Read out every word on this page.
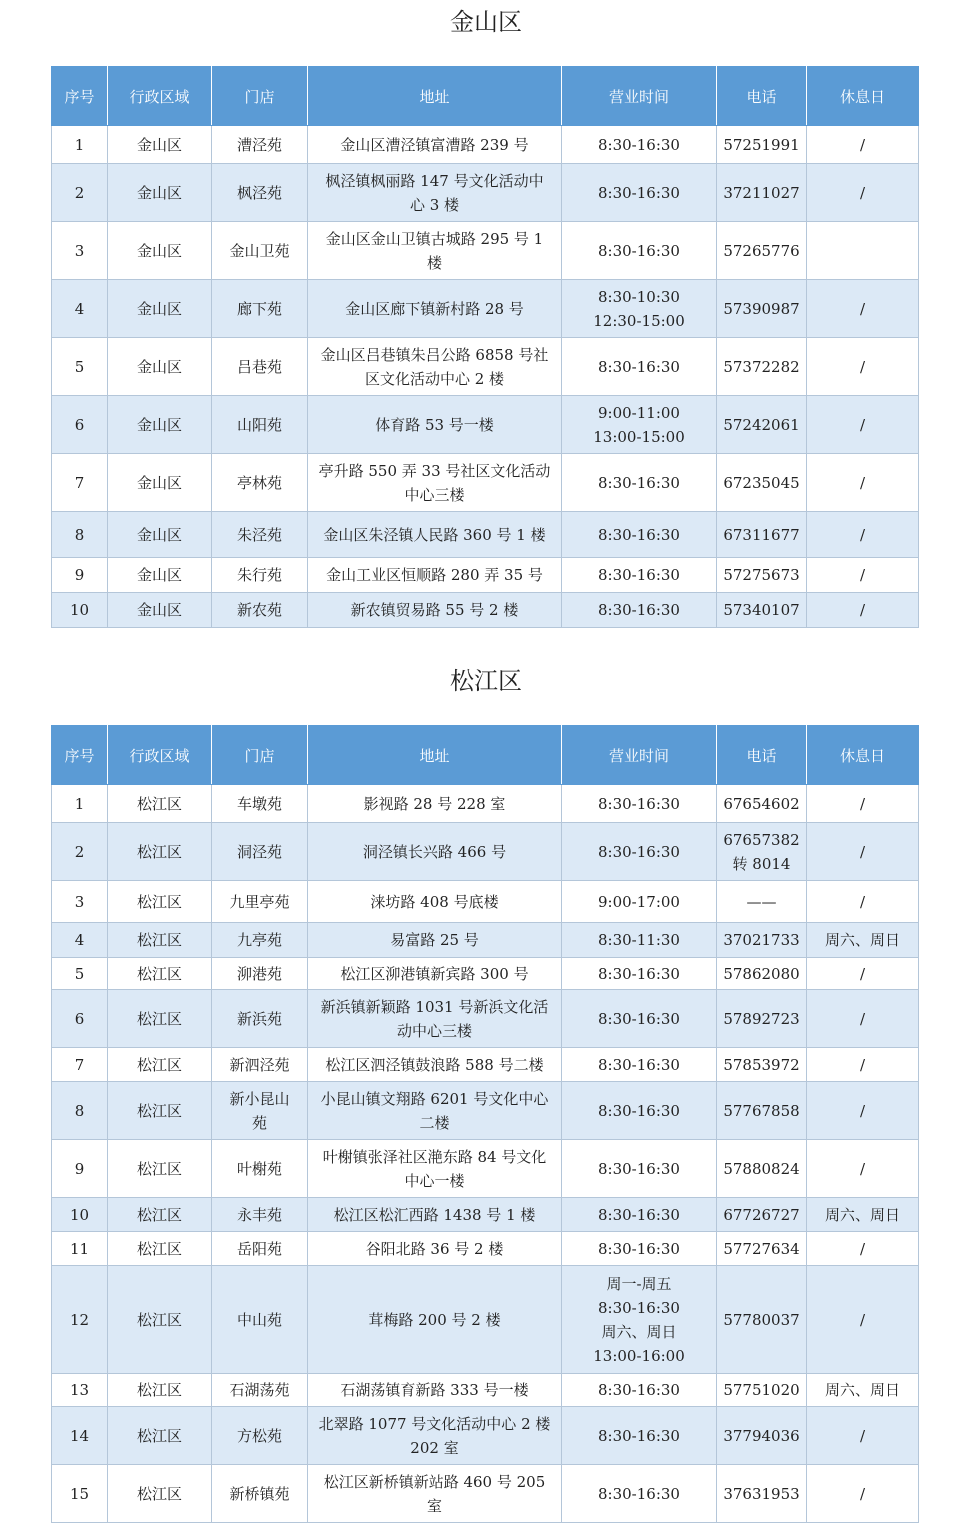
金山区
序号	行政区域	门店	地址	营业时间	电话	休息日
1	金山区	漕泾苑	金山区漕泾镇富漕路 239 号	8:30-16:30	57251991	/
2	金山区	枫泾苑	枫泾镇枫丽路 147 号文化活动中
心 3 楼	8:30-16:30	37211027	/
3	金山区	金山卫苑	金山区金山卫镇古城路 295 号 1
楼	8:30-16:30	57265776	
4	金山区	廊下苑	金山区廊下镇新村路 28 号	8:30-10:30
12:30-15:00	57390987	/
5	金山区	吕巷苑	金山区吕巷镇朱吕公路 6858 号社
区文化活动中心 2 楼	8:30-16:30	57372282	/
6	金山区	山阳苑	体育路 53 号一楼	9:00-11:00
13:00-15:00	57242061	/
7	金山区	亭林苑	亭升路 550 弄 33 号社区文化活动
中心三楼	8:30-16:30	67235045	/
8	金山区	朱泾苑	金山区朱泾镇人民路 360 号 1 楼	8:30-16:30	67311677	/
9	金山区	朱行苑	金山工业区恒顺路 280 弄 35 号	8:30-16:30	57275673	/
10	金山区	新农苑	新农镇贸易路 55 号 2 楼	8:30-16:30	57340107	/
松江区
序号	行政区域	门店	地址	营业时间	电话	休息日
1	松江区	车墩苑	影视路 28 号 228 室	8:30-16:30	67654602	/
2	松江区	洞泾苑	洞泾镇长兴路 466 号	8:30-16:30	67657382
转 8014	/
3	松江区	九里亭苑	涞坊路 408 号底楼	9:00-17:00	——	/
4	松江区	九亭苑	易富路 25 号	8:30-11:30	37021733	周六、周日
5	松江区	泖港苑	松江区泖港镇新宾路 300 号	8:30-16:30	57862080	/
6	松江区	新浜苑	新浜镇新颖路 1031 号新浜文化活
动中心三楼	8:30-16:30	57892723	/
7	松江区	新泗泾苑	松江区泗泾镇鼓浪路 588 号二楼	8:30-16:30	57853972	/
8	松江区	新小昆山
苑	小昆山镇文翔路 6201 号文化中心
二楼	8:30-16:30	57767858	/
9	松江区	叶榭苑	叶榭镇张泽社区滟东路 84 号文化
中心一楼	8:30-16:30	57880824	/
10	松江区	永丰苑	松江区松汇西路 1438 号 1 楼	8:30-16:30	67726727	周六、周日
11	松江区	岳阳苑	谷阳北路 36 号 2 楼	8:30-16:30	57727634	/
12	松江区	中山苑	茸梅路 200 号 2 楼	周一-周五
8:30-16:30
周六、周日
13:00-16:00	57780037	/
13	松江区	石湖荡苑	石湖荡镇育新路 333 号一楼	8:30-16:30	57751020	周六、周日
14	松江区	方松苑	北翠路 1077 号文化活动中心 2 楼
202 室	8:30-16:30	37794036	/
15	松江区	新桥镇苑	松江区新桥镇新站路 460 号 205
室	8:30-16:30	37631953	/
